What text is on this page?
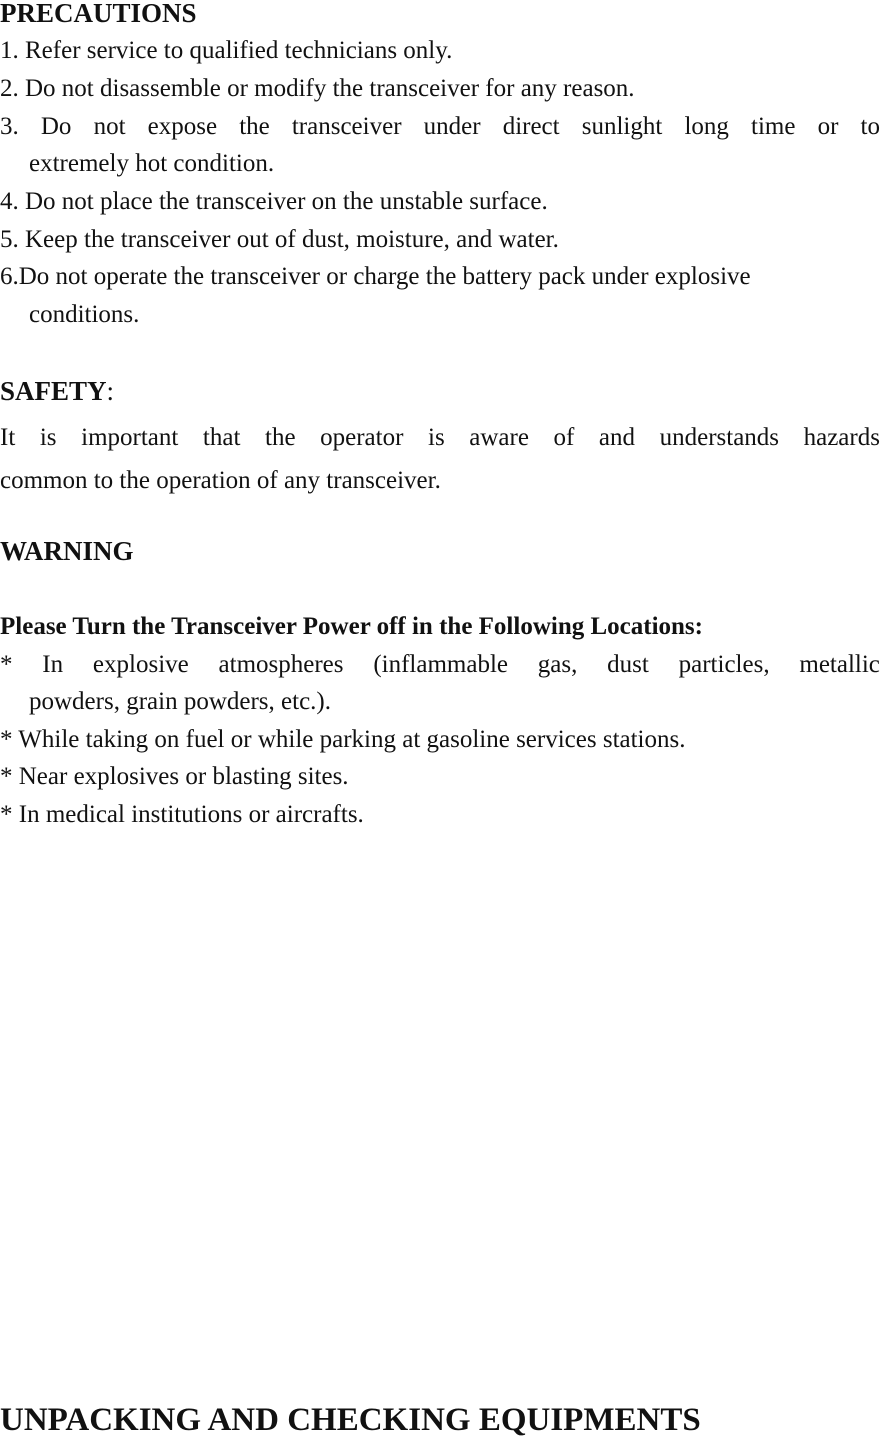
PRECAUTIONS
1. Refer service to qualified technicians only.
2. Do not disassemble or modify the transceiver for any reason.
3. Do not expose the transceiver under direct sunlight long time or to
extremely hot condition.
4. Do not place the transceiver on the unstable surface.
5. Keep the transceiver out of dust, moisture, and water.
6.Do not operate the transceiver or charge the battery pack under explosive
conditions.
SAFETY:
It is important that the operator is aware of and understands hazards
common to the operation of any transceiver.
WARNING
Please Turn the Transceiver Power off in the Following Locations:
* In explosive atmospheres (inflammable gas, dust particles, metallic
powders, grain powders, etc.).
* While taking on fuel or while parking at gasoline services stations.
* Near explosives or blasting sites.
* In medical institutions or aircrafts.
UNPACKING AND CHECKING EQUIPMENTS
